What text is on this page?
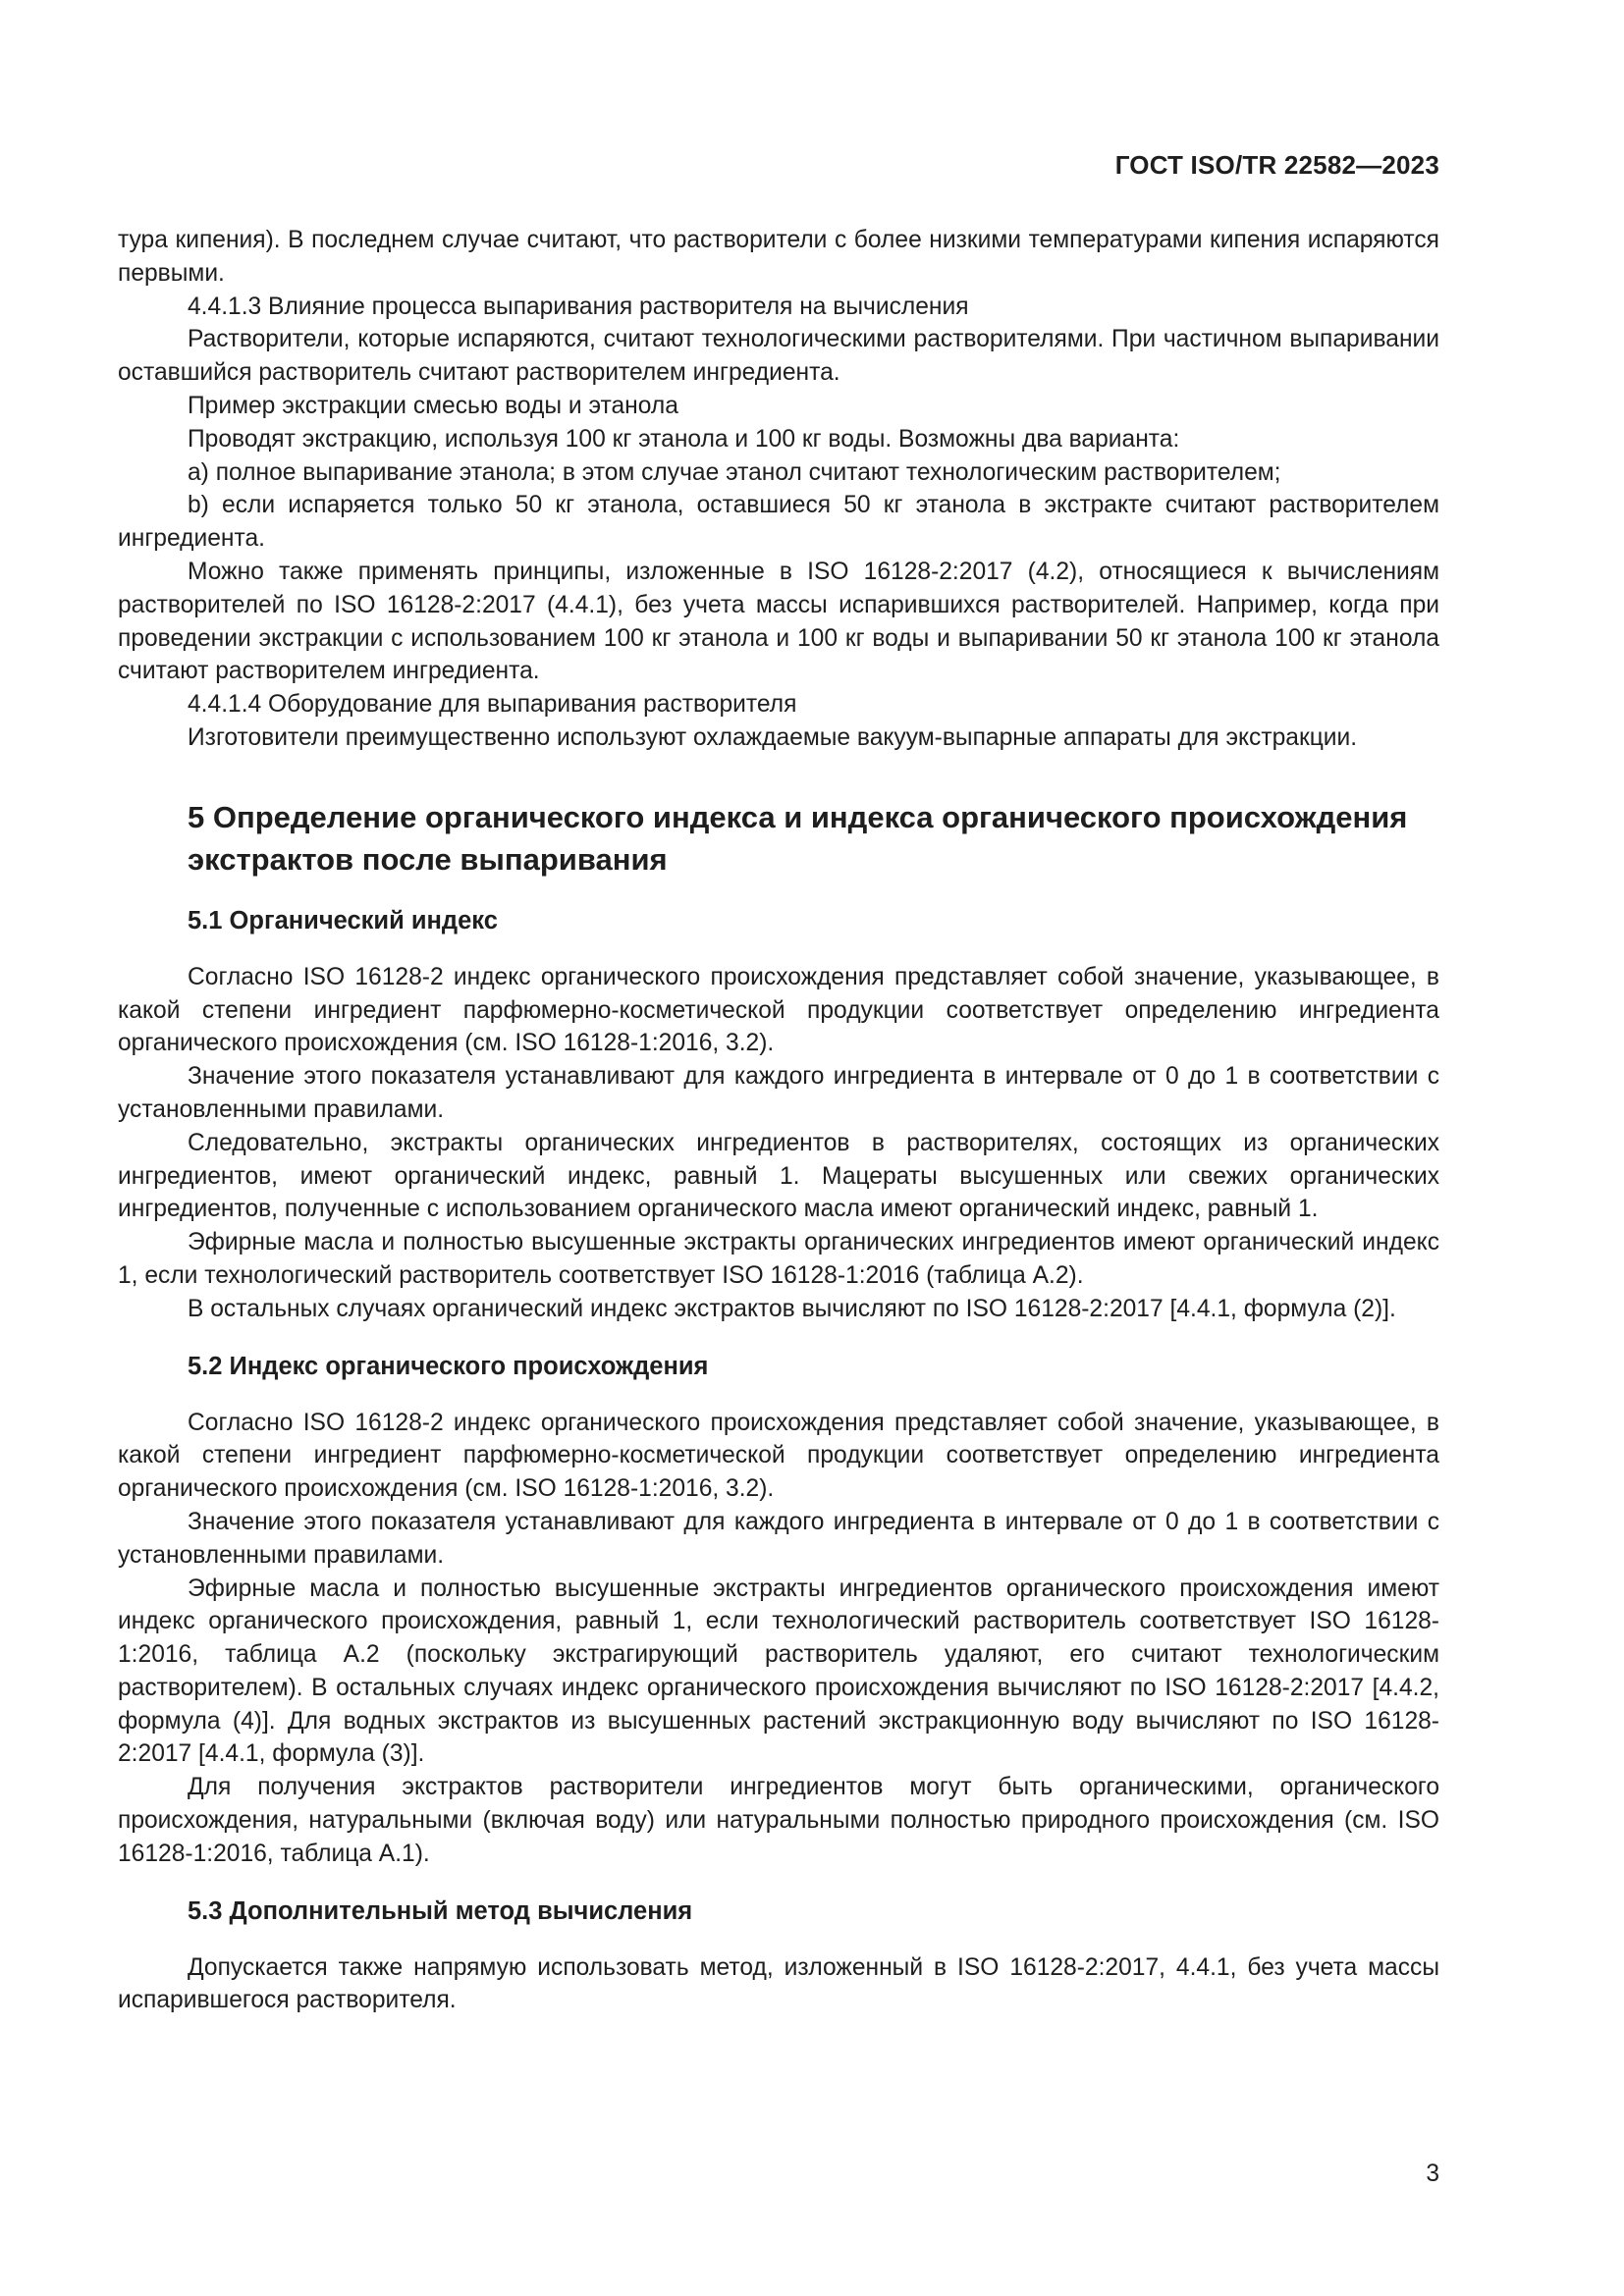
ГОСТ ISO/TR 22582—2023

тура кипения). В последнем случае считают, что растворители с более низкими температурами кипения испаряются первыми.

4.4.1.3 Влияние процесса выпаривания растворителя на вычисления

Растворители, которые испаряются, считают технологическими растворителями. При частичном выпаривании оставшийся растворитель считают растворителем ингредиента.

Пример экстракции смесью воды и этанола

Проводят экстракцию, используя 100 кг этанола и 100 кг воды. Возможны два варианта:

a) полное выпаривание этанола; в этом случае этанол считают технологическим растворителем;

b) если испаряется только 50 кг этанола, оставшиеся 50 кг этанола в экстракте считают растворителем ингредиента.

Можно также применять принципы, изложенные в ISO 16128-2:2017 (4.2), относящиеся к вычислениям растворителей по ISO 16128-2:2017 (4.4.1), без учета массы испарившихся растворителей. Например, когда при проведении экстракции с использованием 100 кг этанола и 100 кг воды и выпаривании 50 кг этанола 100 кг этанола считают растворителем ингредиента.

4.4.1.4 Оборудование для выпаривания растворителя

Изготовители преимущественно используют охлаждаемые вакуум-выпарные аппараты для экстракции.

5 Определение органического индекса и индекса органического происхождения экстрактов после выпаривания
5.1 Органический индекс

Согласно ISO 16128-2 индекс органического происхождения представляет собой значение, указывающее, в какой степени ингредиент парфюмерно-косметической продукции соответствует определению ингредиента органического происхождения (см. ISO 16128-1:2016, 3.2).

Значение этого показателя устанавливают для каждого ингредиента в интервале от 0 до 1 в соответствии с установленными правилами.

Следовательно, экстракты органических ингредиентов в растворителях, состоящих из органических ингредиентов, имеют органический индекс, равный 1. Мацераты высушенных или свежих органических ингредиентов, полученные с использованием органического масла имеют органический индекс, равный 1.

Эфирные масла и полностью высушенные экстракты органических ингредиентов имеют органический индекс 1, если технологический растворитель соответствует ISO 16128-1:2016 (таблица А.2).

В остальных случаях органический индекс экстрактов вычисляют по ISO 16128-2:2017 [4.4.1, формула (2)].

5.2 Индекс органического происхождения

Согласно ISO 16128-2 индекс органического происхождения представляет собой значение, указывающее, в какой степени ингредиент парфюмерно-косметической продукции соответствует определению ингредиента органического происхождения (см. ISO 16128-1:2016, 3.2).

Значение этого показателя устанавливают для каждого ингредиента в интервале от 0 до 1 в соответствии с установленными правилами.

Эфирные масла и полностью высушенные экстракты ингредиентов органического происхождения имеют индекс органического происхождения, равный 1, если технологический растворитель соответствует ISO 16128-1:2016, таблица А.2 (поскольку экстрагирующий растворитель удаляют, его считают технологическим растворителем). В остальных случаях индекс органического происхождения вычисляют по ISO 16128-2:2017 [4.4.2, формула (4)]. Для водных экстрактов из высушенных растений экстракционную воду вычисляют по ISO 16128-2:2017 [4.4.1, формула (3)].

Для получения экстрактов растворители ингредиентов могут быть органическими, органического происхождения, натуральными (включая воду) или натуральными полностью природного происхождения (см. ISO 16128-1:2016, таблица А.1).

5.3 Дополнительный метод вычисления

Допускается также напрямую использовать метод, изложенный в ISO 16128-2:2017, 4.4.1, без учета массы испарившегося растворителя.

3
